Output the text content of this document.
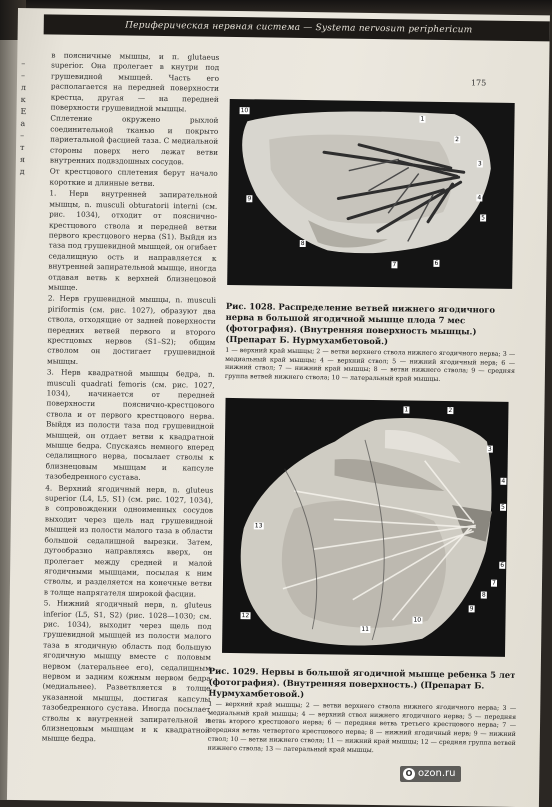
Периферическая нервная система — Systema nervosum periphericum
175
–
–
л
к
Е
а
–
т
я
д

в поясничные мышцы, и п. glutaeus superior. Она пролегает в кнутри под грушевидной мышцей. Часть его располагается на передней поверхности крестца, другая — на передней поверхности грушевидной мышцы.

Сплетение окружено рыхлой соединительной тканью и покрыто париетальной фасцией таза. С медиальной стороны поверх него лежат ветви внутренних подвздошных сосудов.

От крестцового сплетения берут начало короткие и длинные ветви.

1. Нерв внутренней запирательной мышцы, n. musculi obturatorii interni (см. рис. 1034), отходит от пояснично-крестцового ствола и передней ветви первого крестцового нерва (S1). Выйдя из таза под грушевидной мышцей, он огибает седалищную ость и направляется к внутренней запирательной мышце, иногда отдавая ветвь к верхней близнецовой мышце.

2. Нерв грушевидной мышцы, n. musculi piriformis (см. рис. 1027), образуют два ствола, отходящие от задней поверхности передних ветвей первого и второго крестцовых нервов (S1–S2); общим стволом он достигает грушевидной мышцы.

3. Нерв квадратной мышцы бедра, n. musculi quadrati femoris (см. рис. 1027, 1034), начинается от передней поверхности пояснично-крестцового ствола и от первого крестцового нерва. Выйдя из полости таза под грушевидной мышцей, он отдает ветви к квадратной мышце бедра. Спускаясь немного вперед седалищного нерва, посылает стволы к близнецовым мышцам и капсуле тазобедренного сустава.

4. Верхний ягодичный нерв, n. gluteus superior (L4, L5, S1) (см. рис. 1027, 1034), в сопровождении одноименных сосудов выходит через щель над грушевидной мышцей из полости малого таза в области большой седалищной вырезки. Затем, дугообразно направляясь вверх, он пролегает между средней и малой ягодичными мышцами, посылая к ним стволы, и разделяется на конечные ветви в толще напрягателя широкой фасции.

5. Нижний ягодичный нерв, n. gluteus inferior (L5, S1, S2) (рис. 1028—1030; см. рис. 1034), выходит через щель под грушевидной мышцей из полости малого таза в ягодичную область под большую ягодичную мышцу вместе с половым нервом (латеральнее его), седалищным нервом и задним кожным нервом бедра (медиальнее). Разветвляется в толще указанной мышцы, достигая капсулы тазобедренного сустава. Иногда посылает стволы к внутренней запирательной и близнецовым мышцам и к квадратной мышце бедра.

10
1
2
3
4
5
6
7
8
9
Рис. 1028. Распределение ветвей нижнего ягодичного нерва в большой ягодичной мышце плода 7 мес (фотография). (Внутренняя поверхность мышцы.) (Препарат Б. Нурмухамбетовой.)
1 — верхний край мышцы; 2 — ветви верхнего ствола нижнего ягодичного нерва; 3 — медиальный край мышцы; 4 — верхний ствол; 5 — нижний ягодичный нерв; 6 — нижний ствол; 7 — нижний край мышцы; 8 — ветви нижнего ствола; 9 — средняя группа ветвей нижнего ствола; 10 — латеральный край мышцы.
1	2
3
4
5
6
7
8
9
10
11
12
13
Рис. 1029. Нервы в большой ягодичной мышце ребенка 5 лет (фотография). (Внутренняя поверхность.) (Препарат Б. Нурмухамбетовой.)
1 — верхний край мышцы; 2 — ветви верхнего ствола нижнего ягодичного нерва; 3 — медиальный край мышцы; 4 — верхний ствол нижнего ягодичного нерва; 5 — передняя ветвь второго крестцового нерва; 6 — передняя ветвь третьего крестцового нерва; 7 — передняя ветвь четвертого крестцового нерва; 8 — нижний ягодичный нерв; 9 — нижний ствол; 10 — ветви нижнего ствола; 11 — нижний край мышцы; 12 — средняя группа ветвей нижнего ствола; 13 — латеральный край мышцы.
O ozon.ru
